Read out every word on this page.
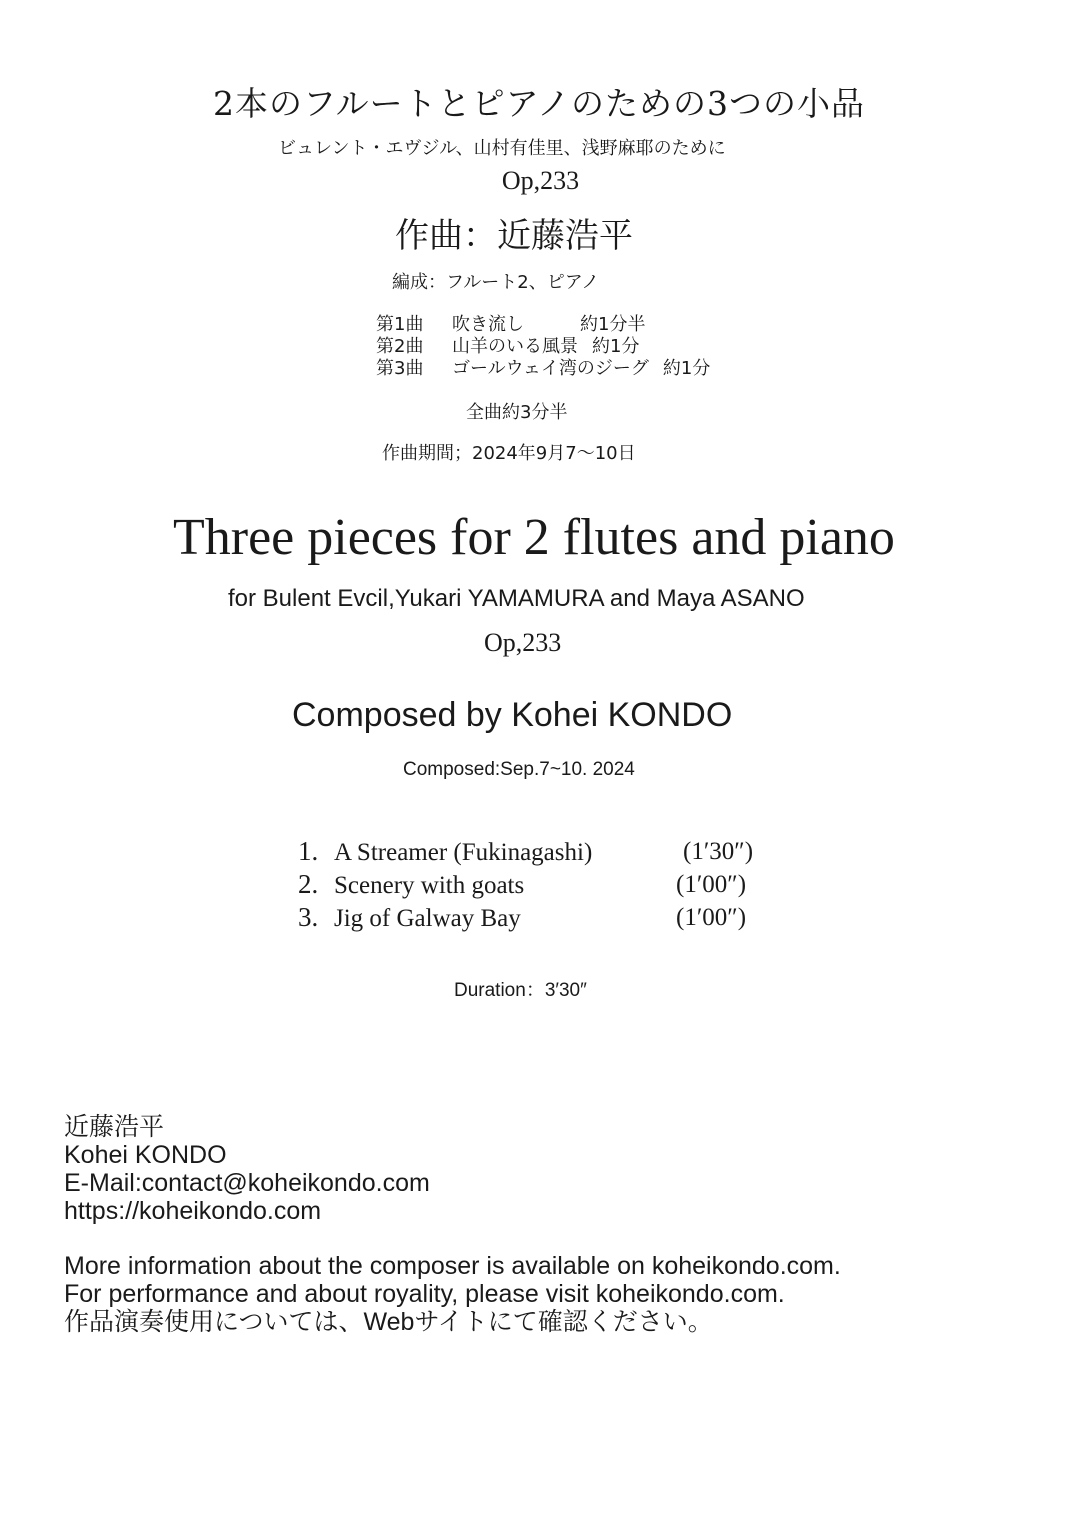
2本のフルートとピアノのための3つの小品
ビュレント・エヴジル、山村有佳里、浅野麻耶のために
Op,233
作曲：近藤浩平
編成：フルート2、ピアノ
第1曲 吹き流し	約1分半
第2曲 山羊のいる風景 約1分
第3曲 ゴールウェイ湾のジーグ 約1分
全曲約3分半
作曲期間；2024年9月7～10日
Three pieces for 2 flutes and piano
for Bulent Evcil,Yukari YAMAMURA and Maya ASANO
Op,233
Composed by Kohei KONDO
Composed:Sep.7~10. 2024
1. A Streamer (Fukinagashi)	(1′30″)
2. Scenery with goats	(1′00″)
3. Jig of Galway Bay	(1′00″)
Duration：3′30″
近藤浩平
Kohei KONDO
E-Mail:contact@koheikondo.com
https://koheikondo.com
More information about the composer is available on koheikondo.com.
For performance and about royality, please visit koheikondo.com.
作品演奏使用については、Webサイトにて確認ください。
